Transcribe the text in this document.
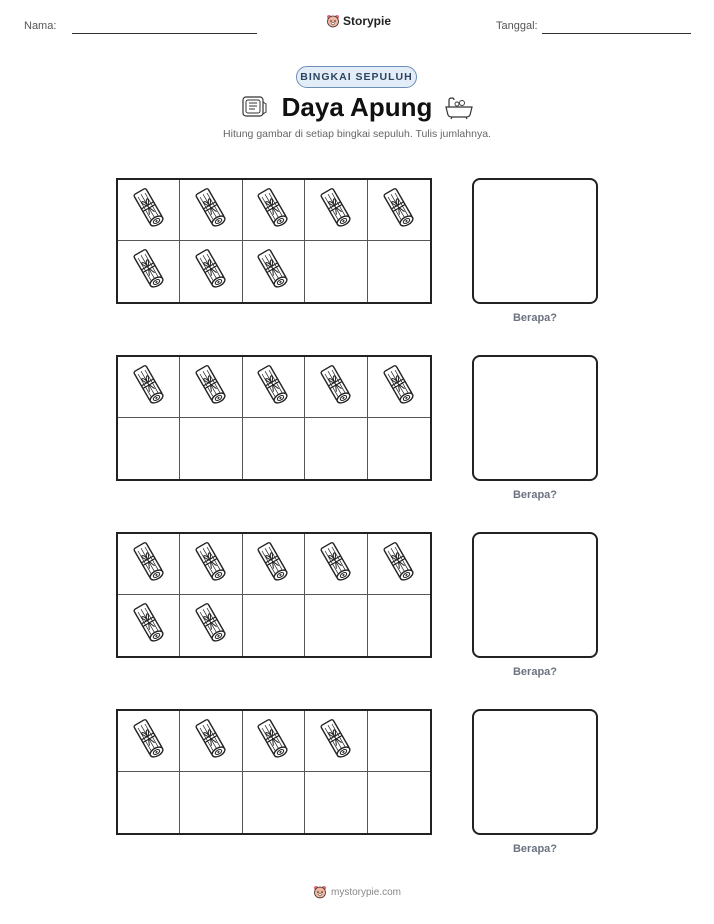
Nama:	Storypie	Tanggal:
BINGKAI SEPULUH
Daya Apung
Hitung gambar di setiap bingkai sepuluh. Tulis jumlahnya.
Berapa?
Berapa?
Berapa?
Berapa?
mystorypie.com
